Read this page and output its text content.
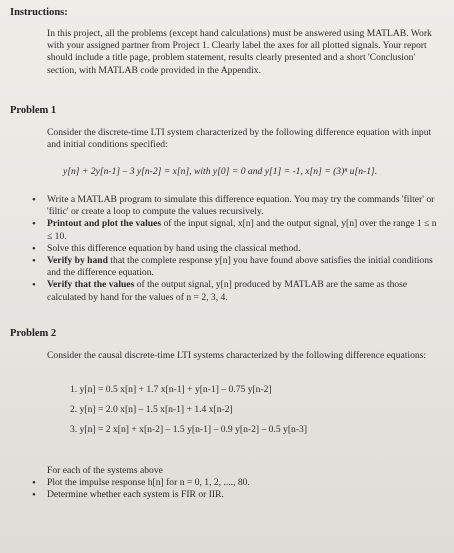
Instructions:
In this project, all the problems (except hand calculations) must be answered using MATLAB. Work with your assigned partner from Project 1. Clearly label the axes for all plotted signals. Your report should include a title page, problem statement, results clearly presented and a short 'Conclusion' section, with MATLAB code provided in the Appendix.
Problem 1
Consider the discrete-time LTI system characterized by the following difference equation with input and initial conditions specified:
y[n] + 2y[n-1] – 3 y[n-2] = x[n], with y[0] = 0 and y[1] = -1, x[n] = (3)ⁿ u[n-1].
• Write a MATLAB program to simulate this difference equation. You may try the commands 'filter' or 'filtic' or create a loop to compute the values recursively.
• Printout and plot the values of the input signal, x[n] and the output signal, y[n] over the range 1 ≤ n ≤ 10.
• Solve this difference equation by hand using the classical method.
• Verify by hand that the complete response y[n] you have found above satisfies the initial conditions and the difference equation.
• Verify that the values of the output signal, y[n] produced by MATLAB are the same as those calculated by hand for the values of n = 2, 3, 4.
Problem 2
Consider the causal discrete-time LTI systems characterized by the following difference equations:
1. y[n] = 0.5 x[n] + 1.7 x[n-1] + y[n-1] – 0.75 y[n-2]
2. y[n] = 2.0 x[n] – 1.5 x[n-1] + 1.4 x[n-2]
3. y[n] = 2 x[n] + x[n-2] – 1.5 y[n-1] – 0.9 y[n-2] – 0.5 y[n-3]
For each of the systems above
• Plot the impulse response h[n] for n = 0, 1, 2, ...., 80.
• Determine whether each system is FIR or IIR.
